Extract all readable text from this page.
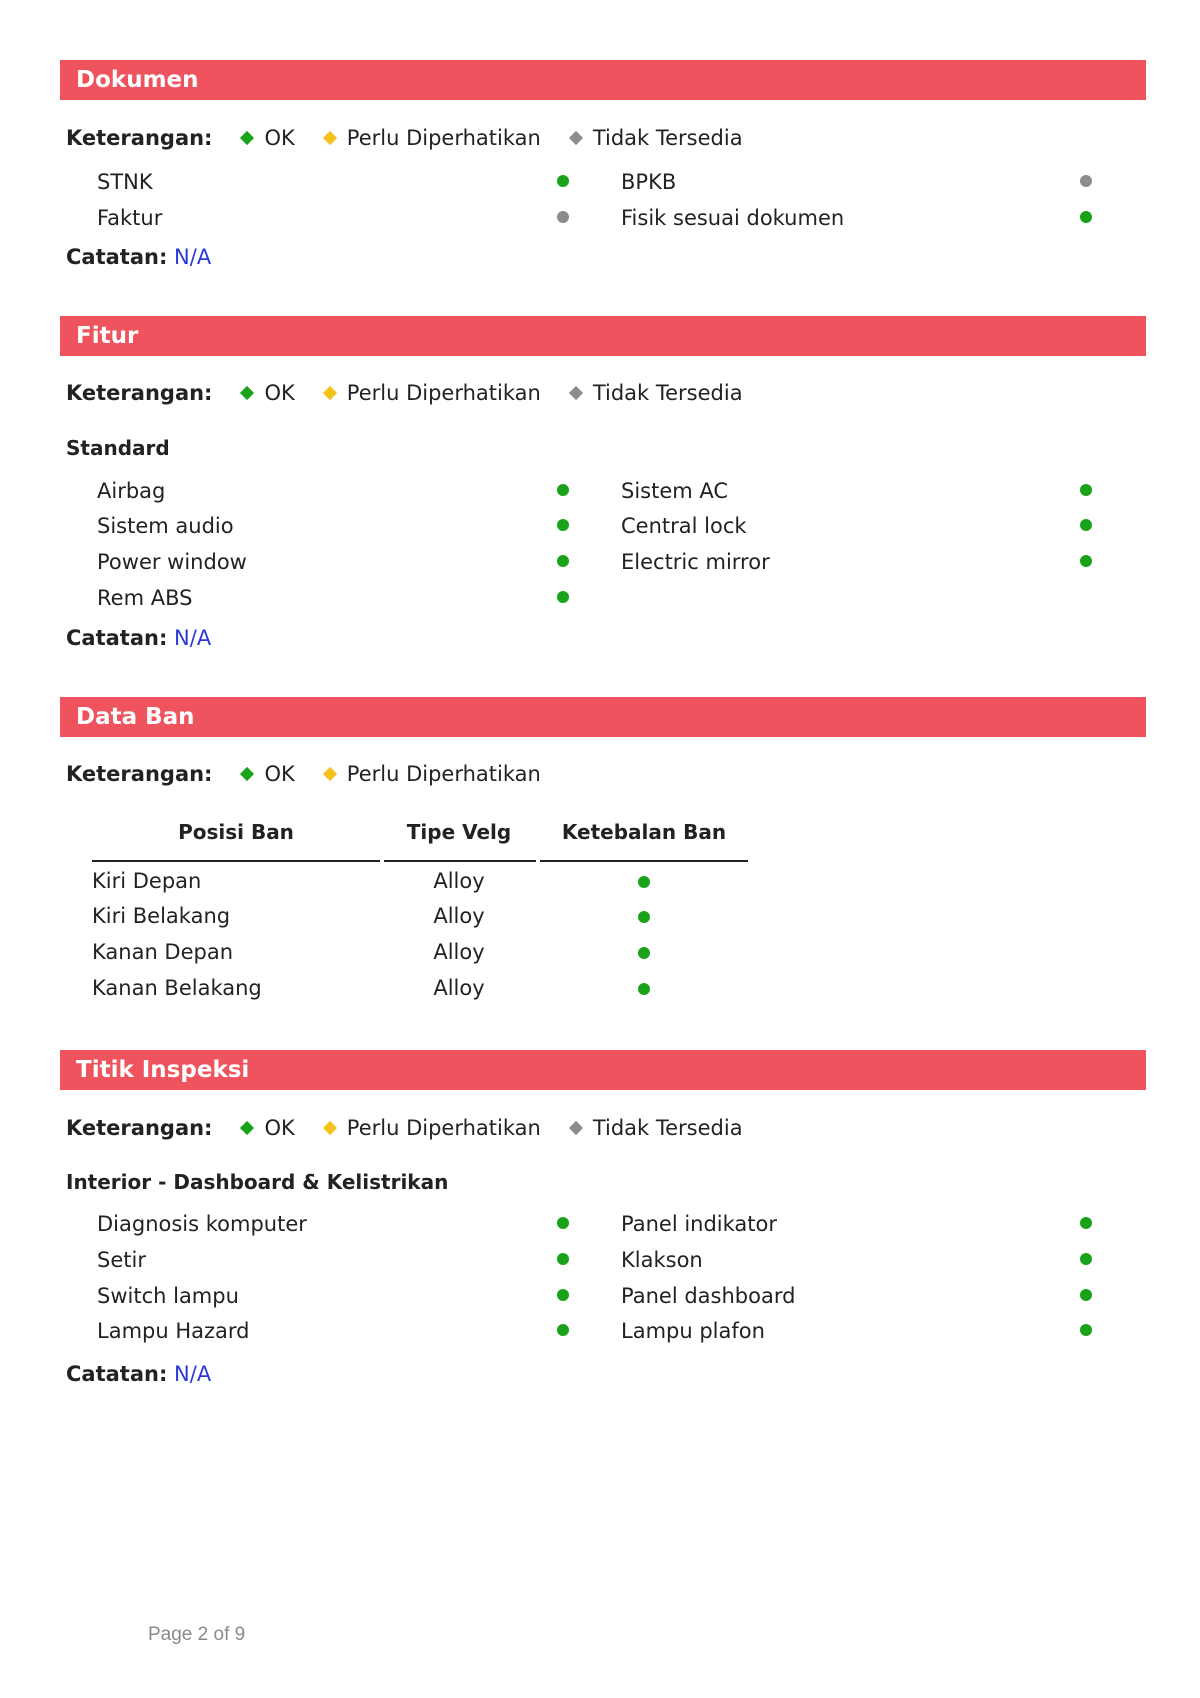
Dokumen
Keterangan: OK Perlu Diperhatikan Tidak Tersedia
STNK	BPKB
Faktur	Fisik sesuai dokumen
Catatan: N/A
Fitur
Keterangan: OK Perlu Diperhatikan Tidak Tersedia
Standard
Airbag	Sistem AC
Sistem audio	Central lock
Power window	Electric mirror
Rem ABS
Catatan: N/A
Data Ban
Keterangan: OK Perlu Diperhatikan
Posisi Ban	Tipe Velg	Ketebalan Ban
Kiri Depan	Alloy
Kiri Belakang	Alloy
Kanan Depan	Alloy
Kanan Belakang	Alloy
Titik Inspeksi
Keterangan: OK Perlu Diperhatikan Tidak Tersedia
Interior - Dashboard & Kelistrikan
Diagnosis komputer	Panel indikator
Setir	Klakson
Switch lampu	Panel dashboard
Lampu Hazard	Lampu plafon
Catatan: N/A
Page 2 of 9
